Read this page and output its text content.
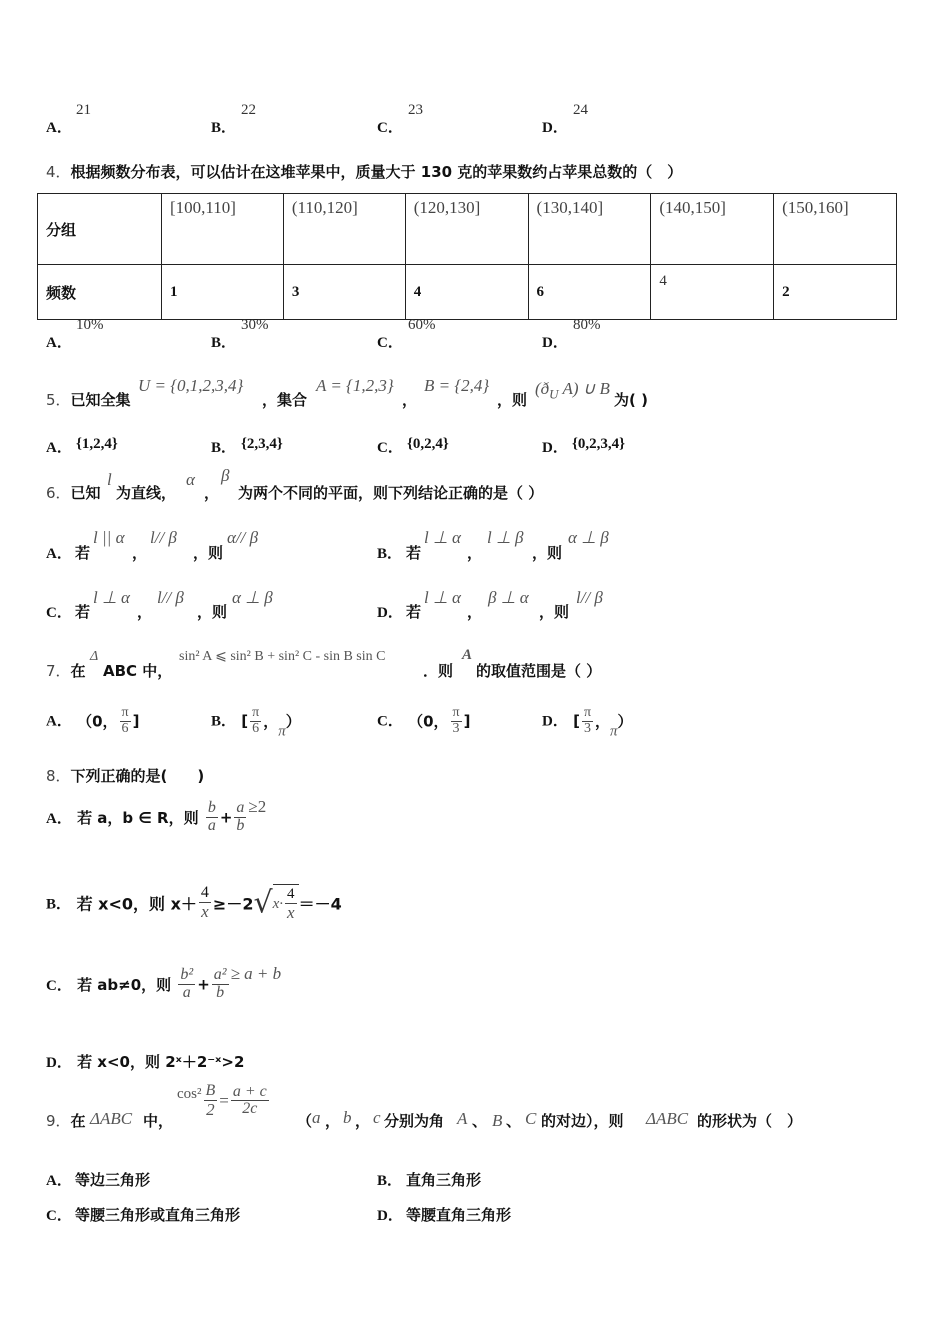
A．
21
B．
22
C．
23
D．
24
4．根据频数分布表，可以估计在这堆苹果中，质量大于 130 克的苹果数约占苹果总数的（　）
分组	[100,110]	(110,120]	(120,130]	(130,140]	(140,150]	(150,160]
频数	1	3	4	6	4	2
A．
10%
B．
30%
C．
60%
D．
80%
5．已知全集
U = {0,1,2,3,4}
，集合
A = {1,2,3}
，
B = {2,4}
，则
($ð_U$ A) ∪ B
为( )
A． {1,2,4}	B． {2,3,4}	C． {0,2,4}	D． {0,2,3,4}
6．已知
l
为直线，
α
，
β
为两个不同的平面，则下列结论正确的是（ ）
A． 若
l || α
，
l// β
，则
α// β
B． 若
l ⊥ α
，
l ⊥ β
，则
α ⊥ β
C． 若
l ⊥ α
，
l// β
，则
α ⊥ β
D． 若
l ⊥ α
，
β ⊥ α
，则
l// β
7．在
Δ
ABC 中，
sin² A ⩽ sin² B + sin² C - sin B sin C
．则
A
的取值范围是（ ）
A． （0， $\frac{\pi}{6}$ ]	B． [ $\frac{\pi}{6}$ ，π）	C． （0， $\frac{\pi}{3}$ ]	D． [ $\frac{\pi}{3}$ ，π）
8．下列正确的是(　　)
A． 若 a，b ∈ R，则 $\frac{b}{a} + \frac{a}{b} \ge 2$
B． 若 x<0，则 $x+ \frac{4}{x} \ge-2√x\cdot \frac{4}{x} =-4$
C． 若 ab≠0，则 $\frac{\text{b²}}{a} + \frac{\text{a²}}{b} \ge a + b$
D． 若 x<0，则 2ˣ＋2⁻ˣ>2
9．在 ΔABC 中，
$\cos^2 \frac{B}{2} = \frac{a + c}{2c}$
（ a ， b ， c 分别为角 A 、 B 、 C 的对边），则 ΔABC 的形状为（　）
A． 等边三角形	B． 直角三角形
C． 等腰三角形或直角三角形	D． 等腰直角三角形
